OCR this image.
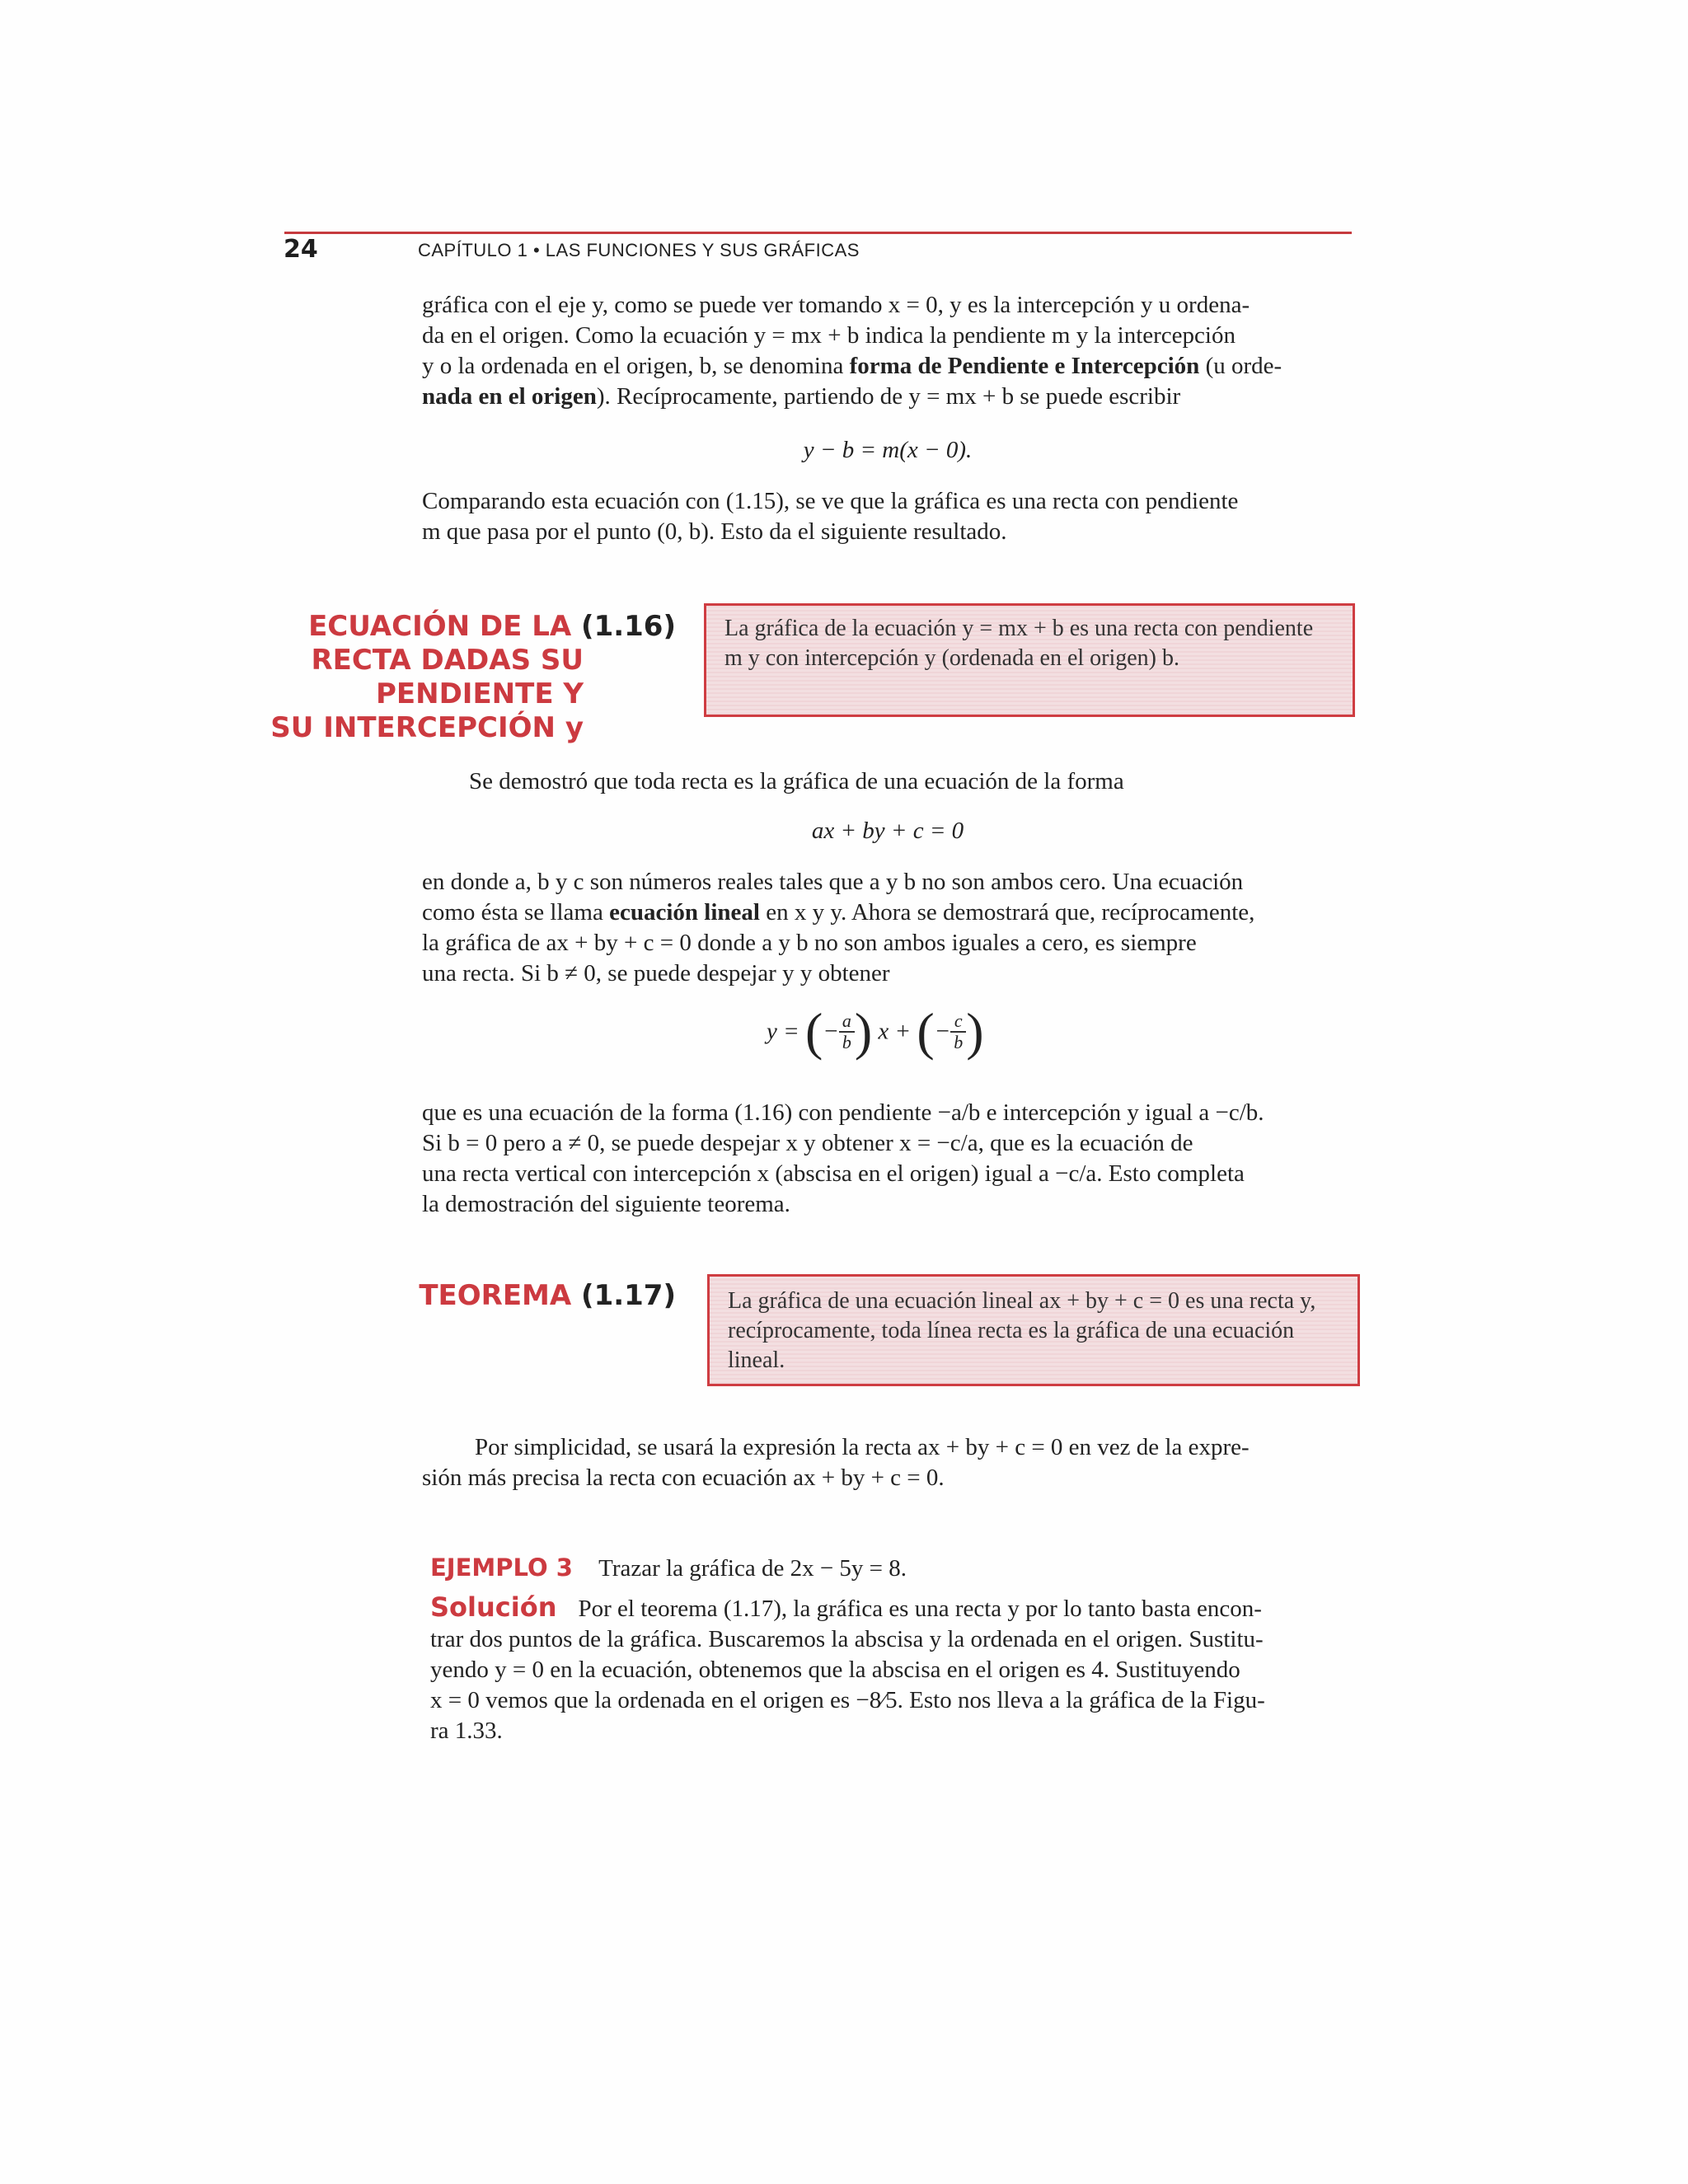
24	CAPÍTULO 1 • LAS FUNCIONES Y SUS GRÁFICAS
gráfica con el eje y, como se puede ver tomando x = 0, y es la intercepción y u ordena-
da en el origen. Como la ecuación y = mx + b indica la pendiente m y la intercepción
y o la ordenada en el origen, b, se denomina forma de Pendiente e Intercepción (u orde-
nada en el origen). Recíprocamente, partiendo de y = mx + b se puede escribir
y − b = m(x − 0).
Comparando esta ecuación con (1.15), se ve que la gráfica es una recta con pendiente
m que pasa por el punto (0, b). Esto da el siguiente resultado.
ECUACIÓN DE LA (1.16)
RECTA DADAS SU
PENDIENTE Y
SU INTERCEPCIÓN y
La gráfica de la ecuación y = mx + b es una recta con pendiente m y con intercepción y (ordenada en el origen) b.
Se demostró que toda recta es la gráfica de una ecuación de la forma
ax + by + c = 0
en donde a, b y c son números reales tales que a y b no son ambos cero. Una ecuación
como ésta se llama ecuación lineal en x y y. Ahora se demostrará que, recíprocamente,
la gráfica de ax + by + c = 0 donde a y b no son ambos iguales a cero, es siempre
una recta. Si b ≠ 0, se puede despejar y y obtener
y = (− $\frac{a}{b}$ ) x + (− $\frac{c}{b}$ )
que es una ecuación de la forma (1.16) con pendiente −a/b e intercepción y igual a −c/b.
Si b = 0 pero a ≠ 0, se puede despejar x y obtener x = −c/a, que es la ecuación de
una recta vertical con intercepción x (abscisa en el origen) igual a −c/a. Esto completa
la demostración del siguiente teorema.
TEOREMA (1.17)	La gráfica de una ecuación lineal ax + by + c = 0 es una recta y, recíprocamente, toda línea recta es la gráfica de una ecuación lineal.
Por simplicidad, se usará la expresión la recta ax + by + c = 0 en vez de la expre-
sión más precisa la recta con ecuación ax + by + c = 0.
EJEMPLO 3 Trazar la gráfica de 2x − 5y = 8.
Solución Por el teorema (1.17), la gráfica es una recta y por lo tanto basta encon-
trar dos puntos de la gráfica. Buscaremos la abscisa y la ordenada en el origen. Sustitu-
yendo y = 0 en la ecuación, obtenemos que la abscisa en el origen es 4. Sustituyendo
x = 0 vemos que la ordenada en el origen es −8⁄5. Esto nos lleva a la gráfica de la Figu-
ra 1.33.
